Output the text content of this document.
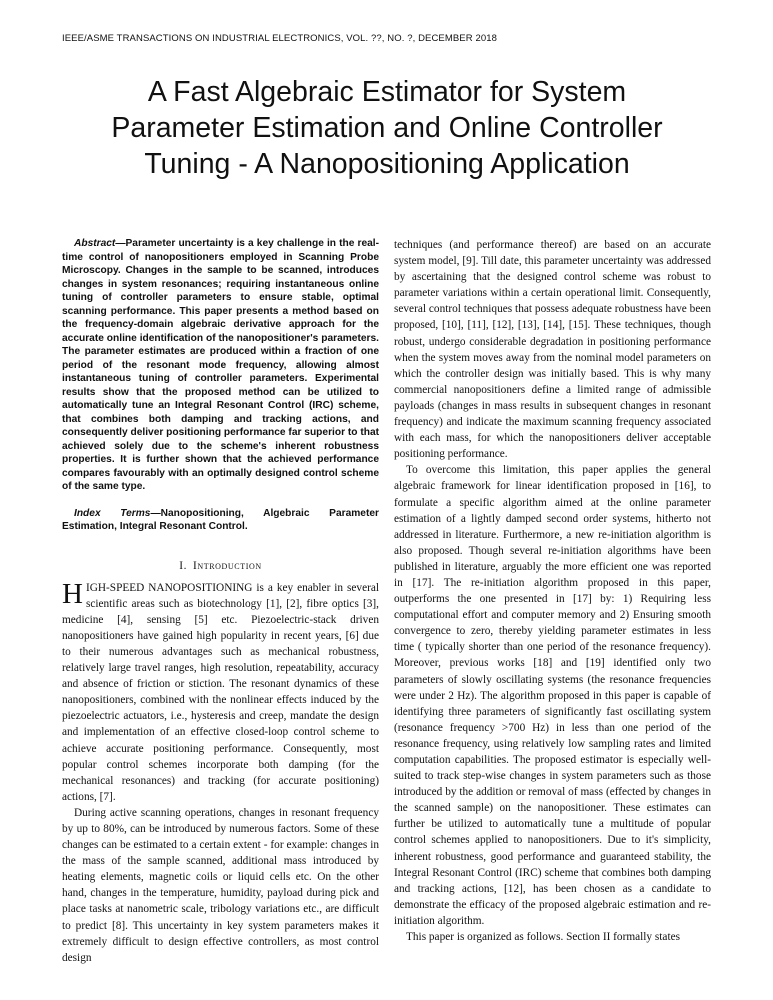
IEEE/ASME TRANSACTIONS ON INDUSTRIAL ELECTRONICS, VOL. ??, NO. ?, DECEMBER 2018
A Fast Algebraic Estimator for System
Parameter Estimation and Online Controller
Tuning - A Nanopositioning Application

Abstract—Parameter uncertainty is a key challenge in the real-time control of nanopositioners employed in Scanning Probe Microscopy. Changes in the sample to be scanned, introduces changes in system resonances; requiring instantaneous online tuning of controller parameters to ensure stable, optimal scanning performance. This paper presents a method based on the frequency-domain algebraic derivative approach for the accurate online identification of the nanopositioner's parameters. The parameter estimates are produced within a fraction of one period of the resonant mode frequency, allowing almost instantaneous tuning of controller parameters. Experimental results show that the proposed method can be utilized to automatically tune an Integral Resonant Control (IRC) scheme, that combines both damping and tracking actions, and consequently deliver positioning performance far superior to that achieved solely due to the scheme's inherent robustness properties. It is further shown that the achieved performance compares favourably with an optimally designed control scheme of the same type.

Index Terms—Nanopositioning, Algebraic Parameter Estimation, Integral Resonant Control.

I. Introduction

HIGH-SPEED NANOPOSITIONING is a key enabler in several scientific areas such as biotechnology [1], [2], fibre optics [3], medicine [4], sensing [5] etc. Piezoelectric-stack driven nanopositioners have gained high popularity in recent years, [6] due to their numerous advantages such as mechanical robustness, relatively large travel ranges, high resolution, repeatability, accuracy and absence of friction or stiction. The resonant dynamics of these nanopositioners, combined with the nonlinear effects induced by the piezoelectric actuators, i.e., hysteresis and creep, mandate the design and implementation of an effective closed-loop control scheme to achieve accurate positioning performance. Consequently, most popular control schemes incorporate both damping (for the mechanical resonances) and tracking (for accurate positioning) actions, [7].

During active scanning operations, changes in resonant frequency by up to 80%, can be introduced by numerous factors. Some of these changes can be estimated to a certain extent - for example: changes in the mass of the sample scanned, additional mass introduced by heating elements, magnetic coils or liquid cells etc. On the other hand, changes in the temperature, humidity, payload during pick and place tasks at nanometric scale, tribology variations etc., are difficult to predict [8]. This uncertainty in key system parameters makes it extremely difficult to design effective controllers, as most control design

techniques (and performance thereof) are based on an accurate system model, [9]. Till date, this parameter uncertainty was addressed by ascertaining that the designed control scheme was robust to parameter variations within a certain operational limit. Consequently, several control techniques that possess adequate robustness have been proposed, [10], [11], [12], [13], [14], [15]. These techniques, though robust, undergo considerable degradation in positioning performance when the system moves away from the nominal model parameters on which the controller design was initially based. This is why many commercial nanopositioners define a limited range of admissible payloads (changes in mass results in subsequent changes in resonant frequency) and indicate the maximum scanning frequency associated with each mass, for which the nanopositioners deliver acceptable positioning performance.

To overcome this limitation, this paper applies the general algebraic framework for linear identification proposed in [16], to formulate a specific algorithm aimed at the online parameter estimation of a lightly damped second order systems, hitherto not addressed in literature. Furthermore, a new re-initiation algorithm is also proposed. Though several re-initiation algorithms have been published in literature, arguably the more efficient one was reported in [17]. The re-initiation algorithm proposed in this paper, outperforms the one presented in [17] by: 1) Requiring less computational effort and computer memory and 2) Ensuring smooth convergence to zero, thereby yielding parameter estimates in less time ( typically shorter than one period of the resonance frequency). Moreover, previous works [18] and [19] identified only two parameters of slowly oscillating systems (the resonance frequencies were under 2 Hz). The algorithm proposed in this paper is capable of identifying three parameters of significantly fast oscillating system (resonance frequency >700 Hz) in less than one period of the resonance frequency, using relatively low sampling rates and limited computation capabilities. The proposed estimator is especially well-suited to track step-wise changes in system parameters such as those introduced by the addition or removal of mass (effected by changes in the scanned sample) on the nanopositioner. These estimates can further be utilized to automatically tune a multitude of popular control schemes applied to nanopositioners. Due to it's simplicity, inherent robustness, good performance and guaranteed stability, the Integral Resonant Control (IRC) scheme that combines both damping and tracking actions, [12], has been chosen as a candidate to demonstrate the efficacy of the proposed algebraic estimation and re-initiation algorithm.

This paper is organized as follows. Section II formally states
